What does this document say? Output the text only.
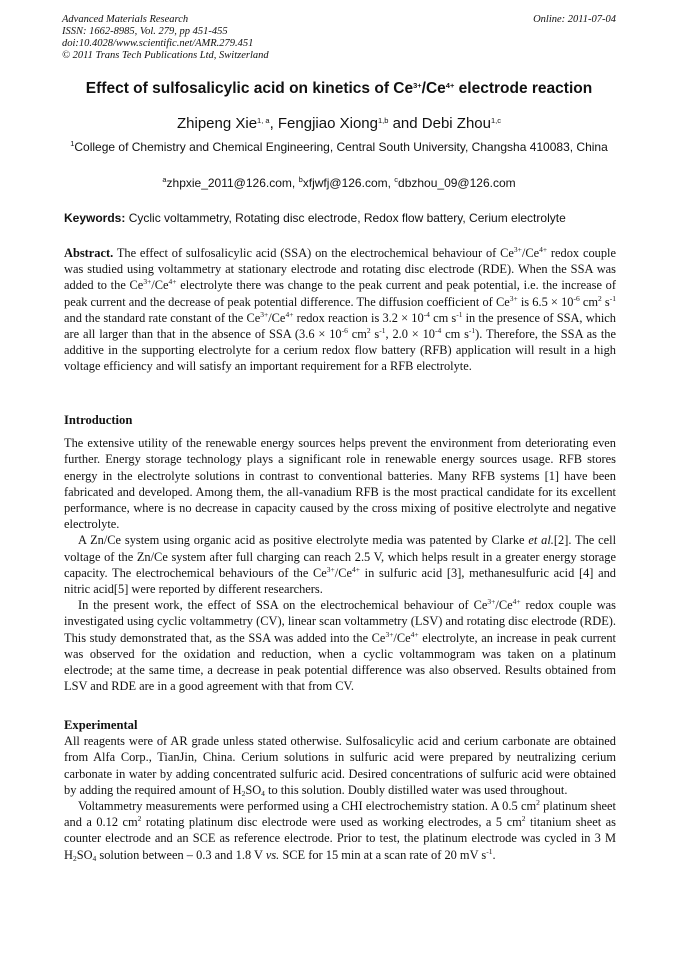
Advanced Materials Research
ISSN: 1662-8985, Vol. 279, pp 451-455
doi:10.4028/www.scientific.net/AMR.279.451
© 2011 Trans Tech Publications Ltd, Switzerland
Online: 2011-07-04
Effect of sulfosalicylic acid on kinetics of $Ce^{3+}/Ce^{4+}$ electrode reaction
Zhipeng Xie$^{1, a}$, Fengjiao Xiong$^{1,b}$ and Debi Zhou$^{1,c}$
$^1$College of Chemistry and Chemical Engineering, Central South University, Changsha 410083, China
$^a$zhpxie_2011@126.com, $^b$xfjwfj@126.com, $^c$dbzhou_09@126.com
Keywords: Cyclic voltammetry, Rotating disc electrode, Redox flow battery, Cerium electrolyte

Abstract. The effect of sulfosalicylic acid (SSA) on the electrochemical behaviour of $Ce^{3+}/Ce^{4+}$ redox couple was studied using voltammetry at stationary electrode and rotating disc electrode (RDE). When the SSA was added to the $Ce^{3+}/Ce^{4+}$ electrolyte there was change to the peak current and peak potential, i.e. the increase of peak current and the decrease of peak potential difference. The diffusion coefficient of $Ce^{3+}$ is $6.5 \times 10^{-6}$ $cm^2$ $s^{-1}$ and the standard rate constant of the $Ce^{3+}/Ce^{4+}$ redox reaction is $3.2 \times 10^{-4}$ cm $s^{-1}$ in the presence of SSA, which are all larger than that in the absence of SSA ($3.6 \times 10^{-6}$ $cm^2$ $s^{-1}$, $2.0 \times 10^{-4}$ cm $s^{-1}$). Therefore, the SSA as the additive in the supporting electrolyte for a cerium redox flow battery (RFB) application will result in a high voltage efficiency and will satisfy an important requirement for a RFB electrolyte.

Introduction

The extensive utility of the renewable energy sources helps prevent the environment from deteriorating even further. Energy storage technology plays a significant role in renewable energy sources usage. RFB stores energy in the electrolyte solutions in contrast to conventional batteries. Many RFB systems [1] have been fabricated and developed. Among them, the all-vanadium RFB is the most practical candidate for its excellent performance, where is no decrease in capacity caused by the cross mixing of positive electrolyte and negative electrolyte.

A Zn/Ce system using organic acid as positive electrolyte media was patented by Clarke et al.[2]. The cell voltage of the Zn/Ce system after full charging can reach 2.5 V, which helps result in a greater energy storage capacity. The electrochemical behaviours of the $Ce^{3+}/Ce^{4+}$ in sulfuric acid [3], methanesulfuric acid [4] and nitric acid[5] were reported by different researchers.

In the present work, the effect of SSA on the electrochemical behaviour of $Ce^{3+}/Ce^{4+}$ redox couple was investigated using cyclic voltammetry (CV), linear scan voltammetry (LSV) and rotating disc electrode (RDE). This study demonstrated that, as the SSA was added into the $Ce^{3+}/Ce^{4+}$ electrolyte, an increase in peak current was observed for the oxidation and reduction, when a cyclic voltammogram was taken on a platinum electrode; at the same time, a decrease in peak potential difference was also observed. Results obtained from LSV and RDE are in a good agreement with that from CV.

Experimental

All reagents were of AR grade unless stated otherwise. Sulfosalicylic acid and cerium carbonate are obtained from Alfa Corp., TianJin, China. Cerium solutions in sulfuric acid were prepared by neutralizing cerium carbonate in water by adding concentrated sulfuric acid. Desired concentrations of sulfuric acid were obtained by adding the required amount of $H_2SO_4$ to this solution. Doubly distilled water was used throughout.

Voltammetry measurements were performed using a CHI electrochemistry station. A 0.5 $cm^2$ platinum sheet and a 0.12 $cm^2$ rotating platinum disc electrode were used as working electrodes, a 5 $cm^2$ titanium sheet as counter electrode and an SCE as reference electrode. Prior to test, the platinum electrode was cycled in 3 M $H_2SO_4$ solution between – 0.3 and 1.8 V vs. SCE for 15 min at a scan rate of 20 mV $s^{-1}$.
